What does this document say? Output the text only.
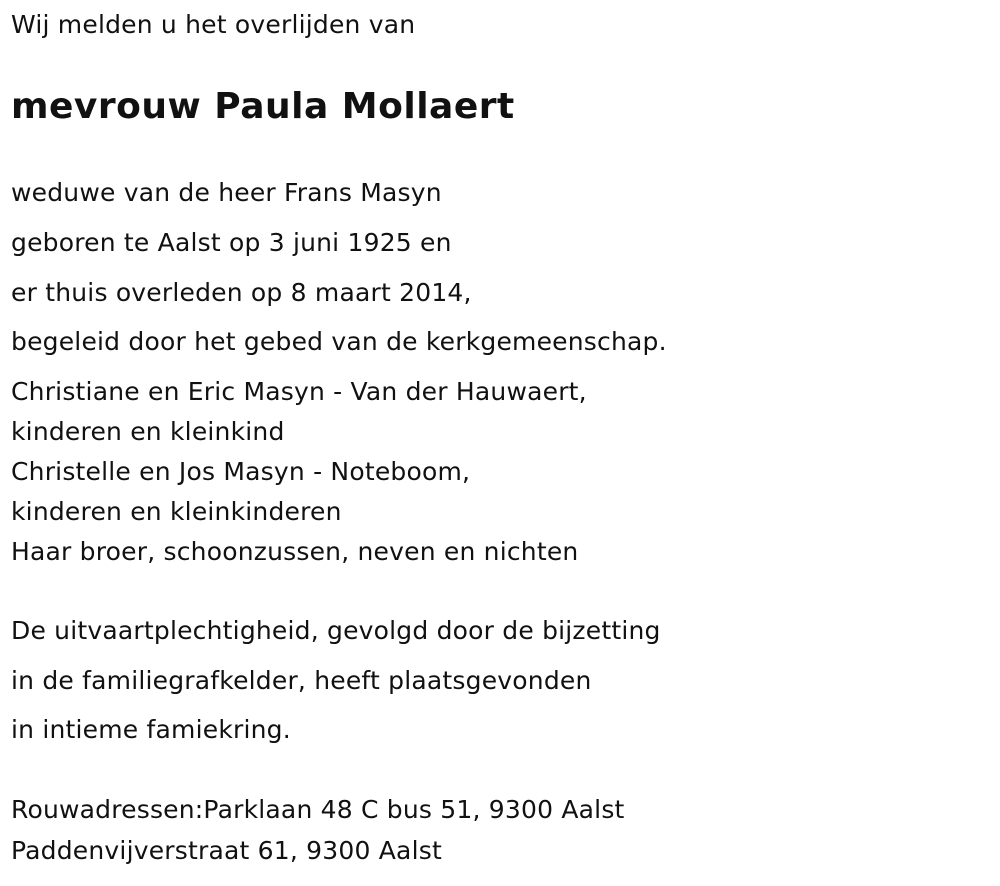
Wij melden u het overlijden van
mevrouw Paula Mollaert
weduwe van de heer Frans Masyn
geboren te Aalst op 3 juni 1925 en
er thuis overleden op 8 maart 2014,
begeleid door het gebed van de kerkgemeenschap.
Christiane en Eric Masyn - Van der Hauwaert,
kinderen en kleinkind
Christelle en Jos Masyn - Noteboom,
kinderen en kleinkinderen
Haar broer, schoonzussen, neven en nichten
De uitvaartplechtigheid, gevolgd door de bijzetting
in de familiegrafkelder, heeft plaatsgevonden
in intieme famiekring.
Rouwadressen:Parklaan 48 C bus 51, 9300 Aalst
Paddenvijverstraat 61, 9300 Aalst
